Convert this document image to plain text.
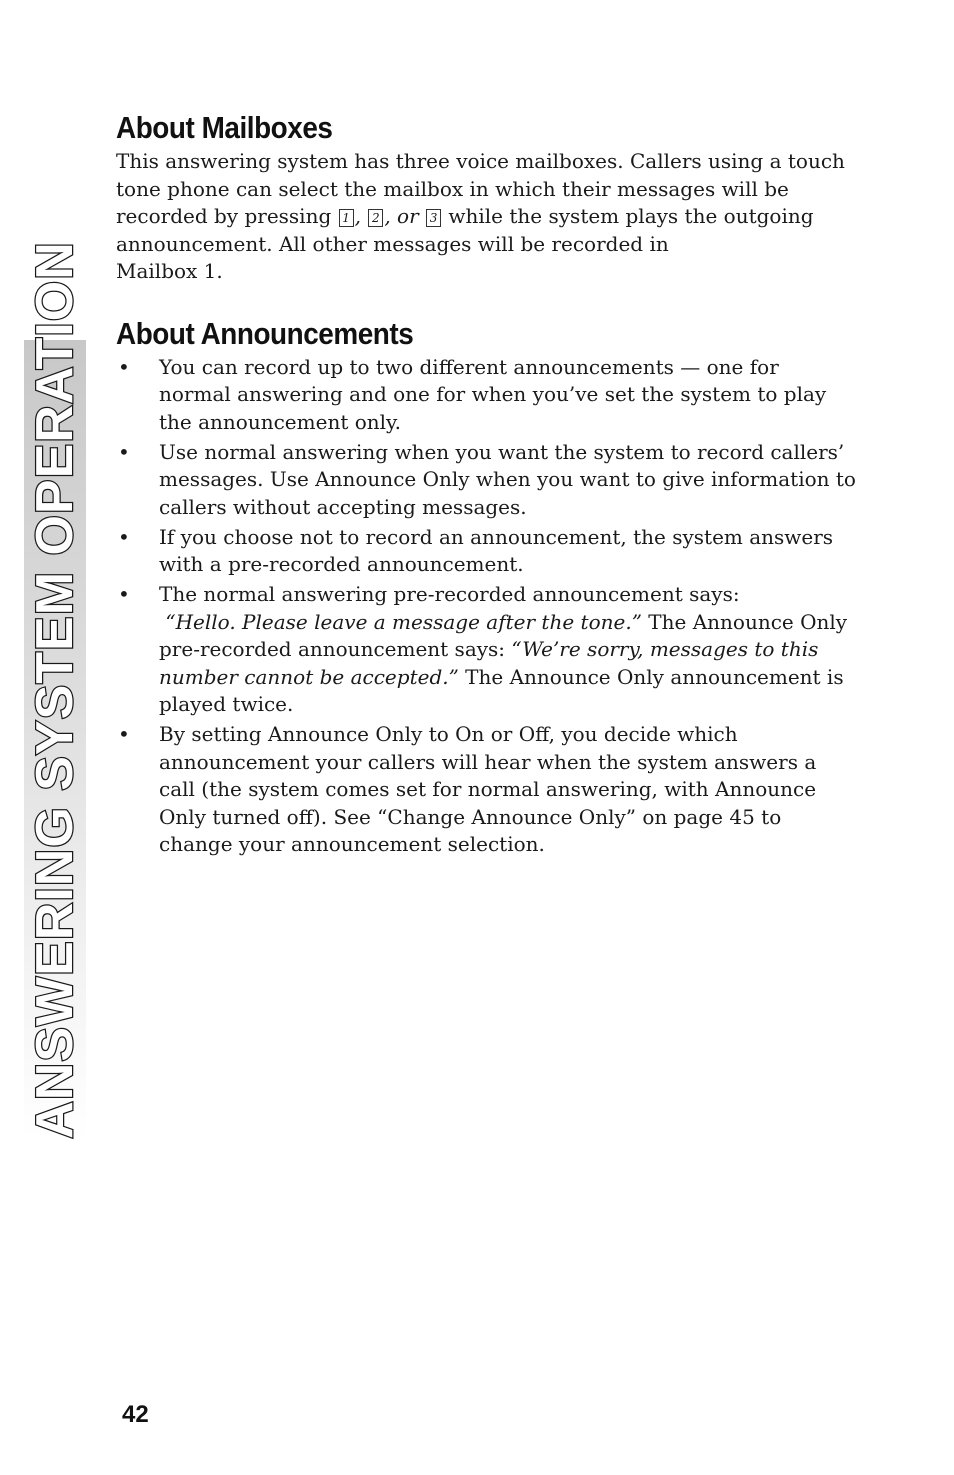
ANSWERING SYSTEM OPERATION
About Mailboxes

This answering system has three voice mailboxes. Callers using a touch tone phone can select the mailbox in which their messages will be recorded by pressing 1 , 2 , or 3 while the system plays the outgoing announcement. All other messages will be recorded in
Mailbox 1.

About Announcements
• You can record up to two different announcements — one for normal answering and one for when you’ve set the system to play the announcement only.
• Use normal answering when you want the system to record callers’ messages. Use Announce Only when you want to give information to callers without accepting messages.
• If you choose not to record an announcement, the system answers with a pre-recorded announcement.
• The normal answering pre-recorded announcement says:
“Hello. Please leave a message after the tone.” The Announce Only pre-recorded announcement says: “We’re sorry, messages to this number cannot be accepted.” The Announce Only announcement is played twice.
• By setting Announce Only to On or Off, you decide which announcement your callers will hear when the system answers a call (the system comes set for normal answering, with Announce Only turned off). See “Change Announce Only” on page 45 to change your announcement selection.
42
